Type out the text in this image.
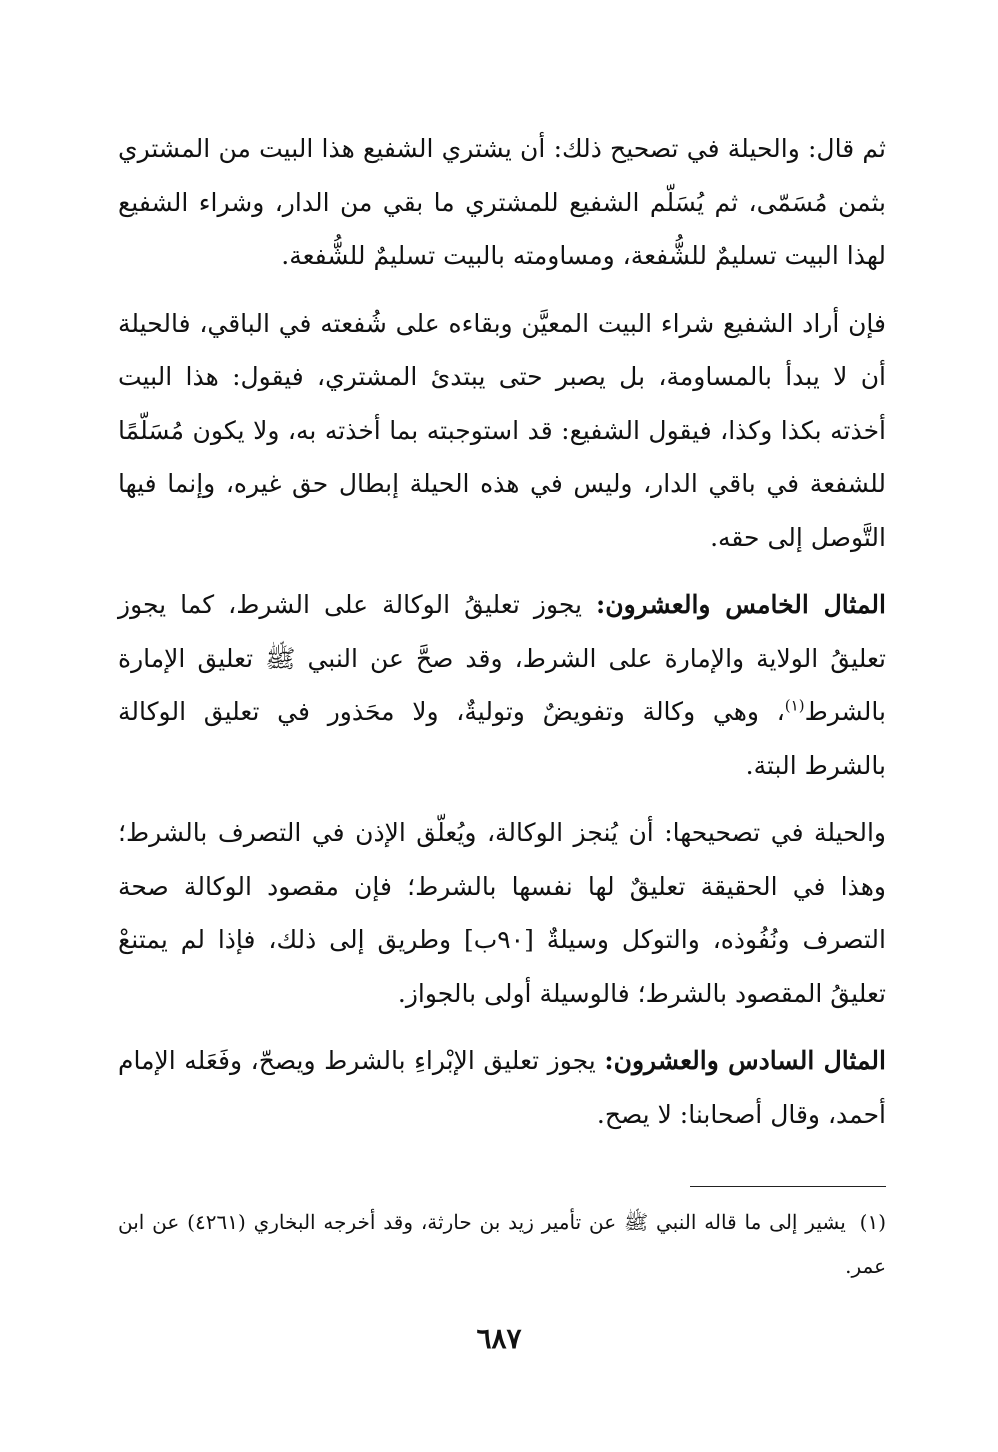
ثم قال: والحيلة في تصحيح ذلك: أن يشتري الشفيع هذا البيت من المشتري بثمن مُسَمّى، ثم يُسَلّم الشفيع للمشتري ما بقي من الدار، وشراء الشفيع لهذا البيت تسليمٌ للشُّفعة، ومساومته بالبيت تسليمٌ للشُّفعة.

فإن أراد الشفيع شراء البيت المعيَّن وبقاءه على شُفعته في الباقي، فالحيلة أن لا يبدأ بالمساومة، بل يصبر حتى يبتدئ المشتري، فيقول: هذا البيت أخذته بكذا وكذا، فيقول الشفيع: قد استوجبته بما أخذته به، ولا يكون مُسَلّمًا للشفعة في باقي الدار، وليس في هذه الحيلة إبطال حق غيره، وإنما فيها التَّوصل إلى حقه.

المثال الخامس والعشرون: يجوز تعليقُ الوكالة على الشرط، كما يجوز تعليقُ الولاية والإمارة على الشرط، وقد صحَّ عن النبي ﷺ تعليق الإمارة بالشرط$^{(١)}$، وهي وكالة وتفويضٌ وتوليةٌ، ولا محَذور في تعليق الوكالة بالشرط البتة.

والحيلة في تصحيحها: أن يُنجز الوكالة، ويُعلّق الإذن في التصرف بالشرط؛ وهذا في الحقيقة تعليقٌ لها نفسها بالشرط؛ فإن مقصود الوكالة صحة التصرف ونُفُوذه، والتوكل وسيلةٌ [٩٠ب] وطريق إلى ذلك، فإذا لم يمتنعْ تعليقُ المقصود بالشرط؛ فالوسيلة أولى بالجواز.

المثال السادس والعشرون: يجوز تعليق الإبْراءِ بالشرط ويصحّ، وفَعَله الإمام أحمد، وقال أصحابنا: لا يصح.

(١) يشير إلى ما قاله النبي ﷺ عن تأمير زيد بن حارثة، وقد أخرجه البخاري (٤٢٦١) عن ابن عمر.
٦٨٧
